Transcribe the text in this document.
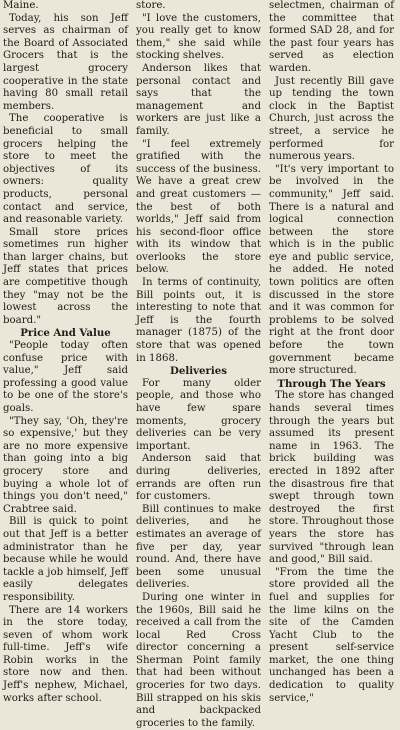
Maine.

Today, his son Jeff serves as chairman of the Board of Associated Grocers that is the largest grocery cooperative in the state having 80 small retail members.

The cooperative is beneficial to small grocers helping the store to meet the objectives of its owners: quality products, personal contact and service, and reasonable variety.

Small store prices sometimes run higher than larger chains, but Jeff states that prices are competitive though they "may not be the lowest across the board."

Price And Value

"People today often confuse price with value," Jeff said professing a good value to be one of the store's goals.

"They say, 'Oh, they're so expensive,' but they are no more expensive than going into a big grocery store and buying a whole lot of things you don't need," Crabtree said.

Bill is quick to point out that Jeff is a better administrator than he because while he would tackle a job himself, Jeff easily delegates responsibility.

There are 14 workers in the store today, seven of whom work full-time. Jeff's wife Robin works in the store now and then. Jeff's nephew, Michael, works after school.

store.

"I love the customers, you really get to know them," she said while stocking shelves.

Anderson likes that personal contact and says that the management and workers are just like a family.

"I feel extremely gratified with the success of the business. We have a great crew and great customers — the best of both worlds," Jeff said from his second-floor office with its window that overlooks the store below.

In terms of continuity, Bill points out, it is interesting to note that Jeff is the fourth manager (1875) of the store that was opened in 1868.

Deliveries

For many older people, and those who have few spare moments, grocery deliveries can be very important.

Anderson said that during deliveries, errands are often run for customers.

Bill continues to make deliveries, and he estimates an average of five per day, year round. And, there have been some unusual deliveries.

During one winter in the 1960s, Bill said he received a call from the local Red Cross director concerning a Sherman Point family that had been without groceries for two days. Bill strapped on his skis and backpacked groceries to the family.

selectmen, chairman of the committee that formed SAD 28, and for the past four years has served as election warden.

Just recently Bill gave up tending the town clock in the Baptist Church, just across the street, a service he performed for numerous years.

"It's very important to be involved in the community," Jeff said. There is a natural and logical connection between the store which is in the public eye and public service, he added. He noted town politics are often discussed in the store and it was common for problems to be solved right at the front door before the town government became more structured.

Through The Years

The store has changed hands several times through the years but assumed its present name in 1963. The brick building was erected in 1892 after the disastrous fire that swept through town destroyed the first store. Throughout those years the store has survived "through lean and good," Bill said.

"From the time the store provided all the fuel and supplies for the lime kilns on the site of the Camden Yacht Club to the present self-service market, the one thing unchanged has been a dedication to quality service,"
